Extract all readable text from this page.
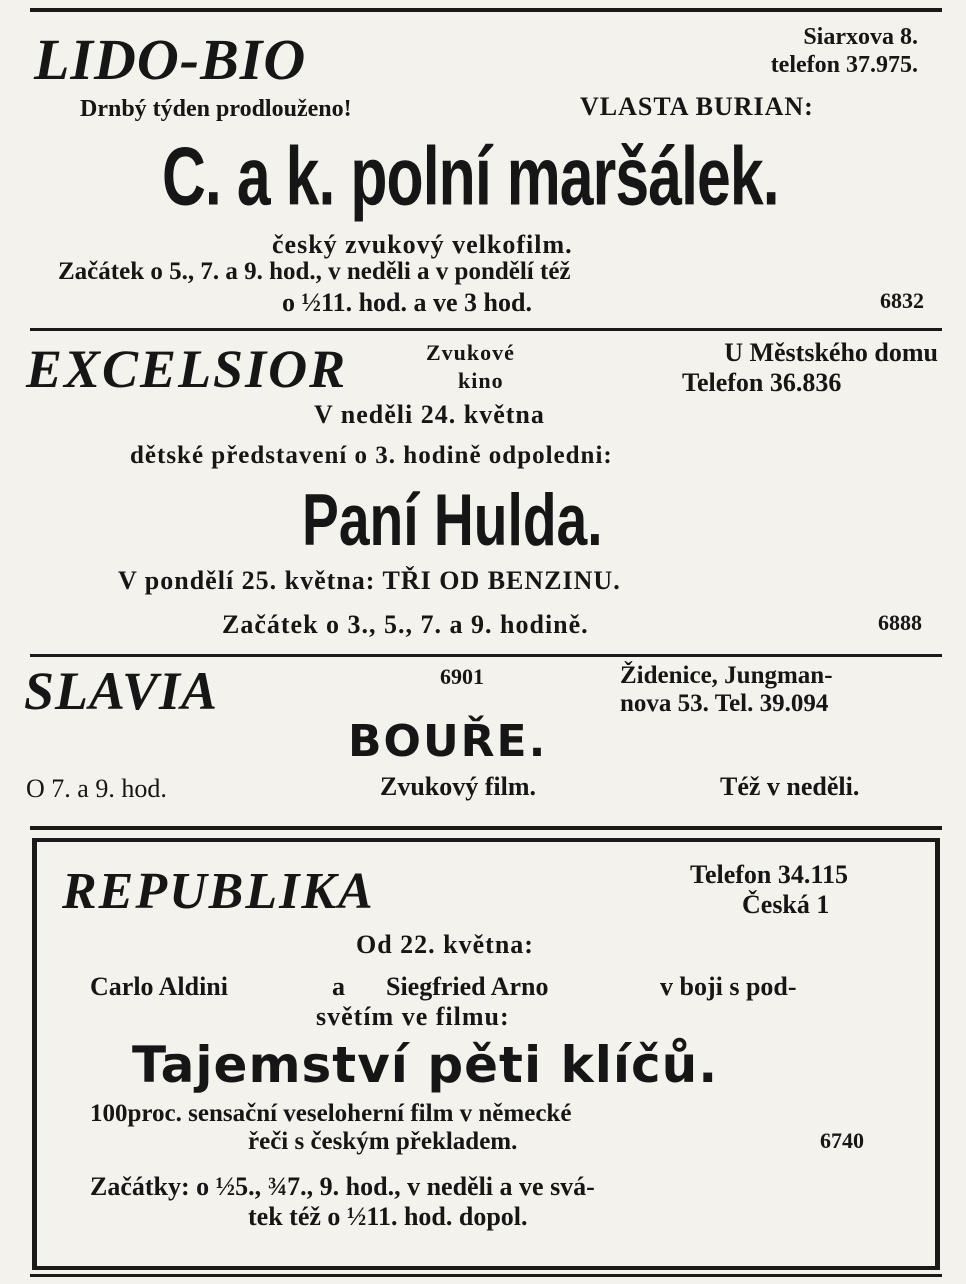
LIDO-BIO	Siarxova 8.
telefon 37.975.
Drnbý týden prodlouženo!	VLASTA BURIAN:
C. a k. polní maršálek.
český zvukový velkofilm.
Začátek o 5., 7. a 9. hod., v neděli a v pondělí též
o ½11. hod. a ve 3 hod.	6832
EXCELSIOR	Zvukové
kino
U Městského domu
Telefon 36.836
V neděli 24. května
dětské představení o 3. hodině odpoledni:
Paní Hulda.
V pondělí 25. května: TŘI OD BENZINU.
Začátek o 3., 5., 7. a 9. hodině.	6888
SLAVIA	6901	Židenice, Jungman-
nova 53. Tel. 39.094
BOUŘE.
O 7. a 9. hod.	Zvukový film.	Též v neděli.
REPUBLIKA	Telefon 34.115
Česká 1
Od 22. května:
Carlo Aldini	a Siegfried Arno	v boji s pod-
světím ve filmu:
Tajemství pěti klíčů.
100proc. sensační veseloherní film v německé
řeči s českým překladem.	6740
Začátky: o ½5., ¾7., 9. hod., v neděli a ve svá-
tek též o ½11. hod. dopol.
